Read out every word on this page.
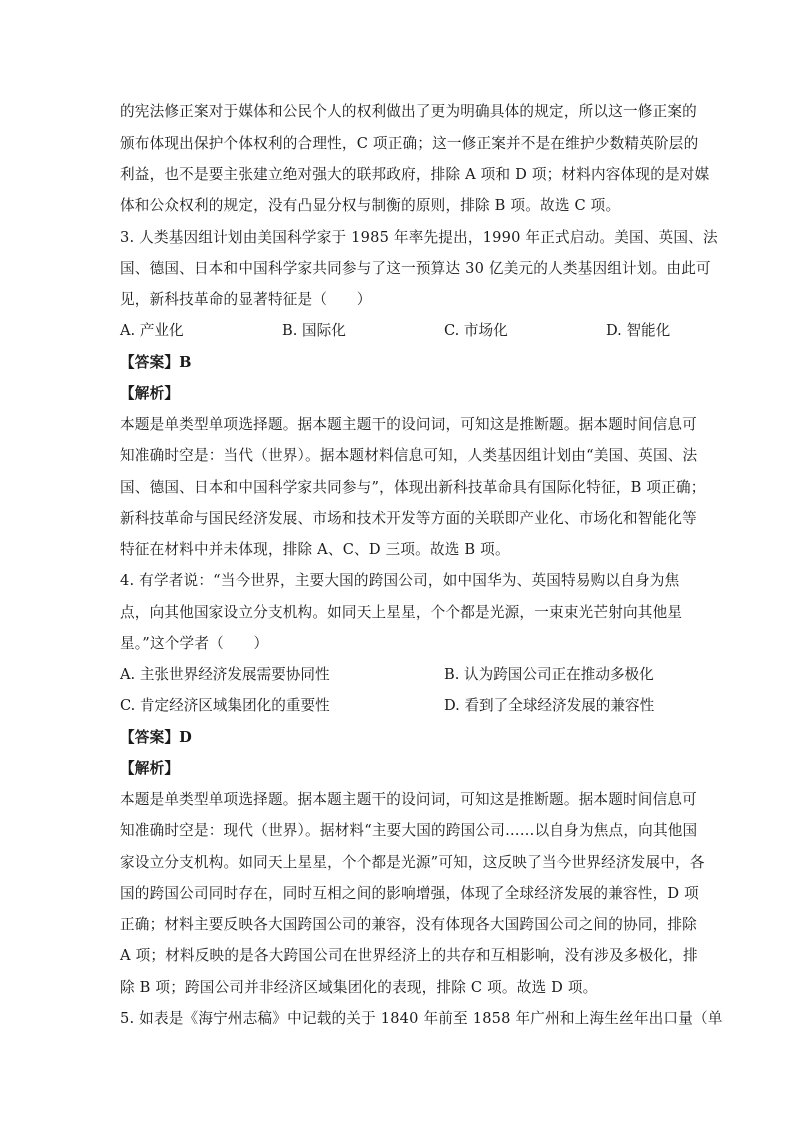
的宪法修正案对于媒体和公民个人的权利做出了更为明确具体的规定，所以这一修正案的
颁布体现出保护个体权利的合理性，C 项正确；这一修正案并不是在维护少数精英阶层的
利益，也不是要主张建立绝对强大的联邦政府，排除 A 项和 D 项；材料内容体现的是对媒
体和公众权利的规定，没有凸显分权与制衡的原则，排除 B 项。故选 C 项。
3. 人类基因组计划由美国科学家于 1985 年率先提出，1990 年正式启动。美国、英国、法
国、德国、日本和中国科学家共同参与了这一预算达 30 亿美元的人类基因组计划。由此可
见，新科技革命的显著特征是（　　）
A. 产业化	B. 国际化	C. 市场化	D. 智能化
【答案】B
【解析】
本题是单类型单项选择题。据本题主题干的设问词，可知这是推断题。据本题时间信息可
知准确时空是：当代（世界）。据本题材料信息可知，人类基因组计划由“美国、英国、法
国、德国、日本和中国科学家共同参与”，体现出新科技革命具有国际化特征，B 项正确；
新科技革命与国民经济发展、市场和技术开发等方面的关联即产业化、市场化和智能化等
特征在材料中并未体现，排除 A、C、D 三项。故选 B 项。
4. 有学者说：“当今世界，主要大国的跨国公司，如中国华为、英国特易购以自身为焦
点，向其他国家设立分支机构。如同天上星星，个个都是光源，一束束光芒射向其他星
星。”这个学者（　　）
A. 主张世界经济发展需要协同性	B. 认为跨国公司正在推动多极化
C. 肯定经济区域集团化的重要性	D. 看到了全球经济发展的兼容性
【答案】D
【解析】
本题是单类型单项选择题。据本题主题干的设问词，可知这是推断题。据本题时间信息可
知准确时空是：现代（世界）。据材料“主要大国的跨国公司……以自身为焦点，向其他国
家设立分支机构。如同天上星星，个个都是光源”可知，这反映了当今世界经济发展中，各
国的跨国公司同时存在，同时互相之间的影响增强，体现了全球经济发展的兼容性，D 项
正确；材料主要反映各大国跨国公司的兼容，没有体现各大国跨国公司之间的协同，排除
A 项；材料反映的是各大跨国公司在世界经济上的共存和互相影响，没有涉及多极化，排
除 B 项；跨国公司并非经济区域集团化的表现，排除 C 项。故选 D 项。
5. 如表是《海宁州志稿》中记载的关于 1840 年前至 1858 年广州和上海生丝年出口量（单
